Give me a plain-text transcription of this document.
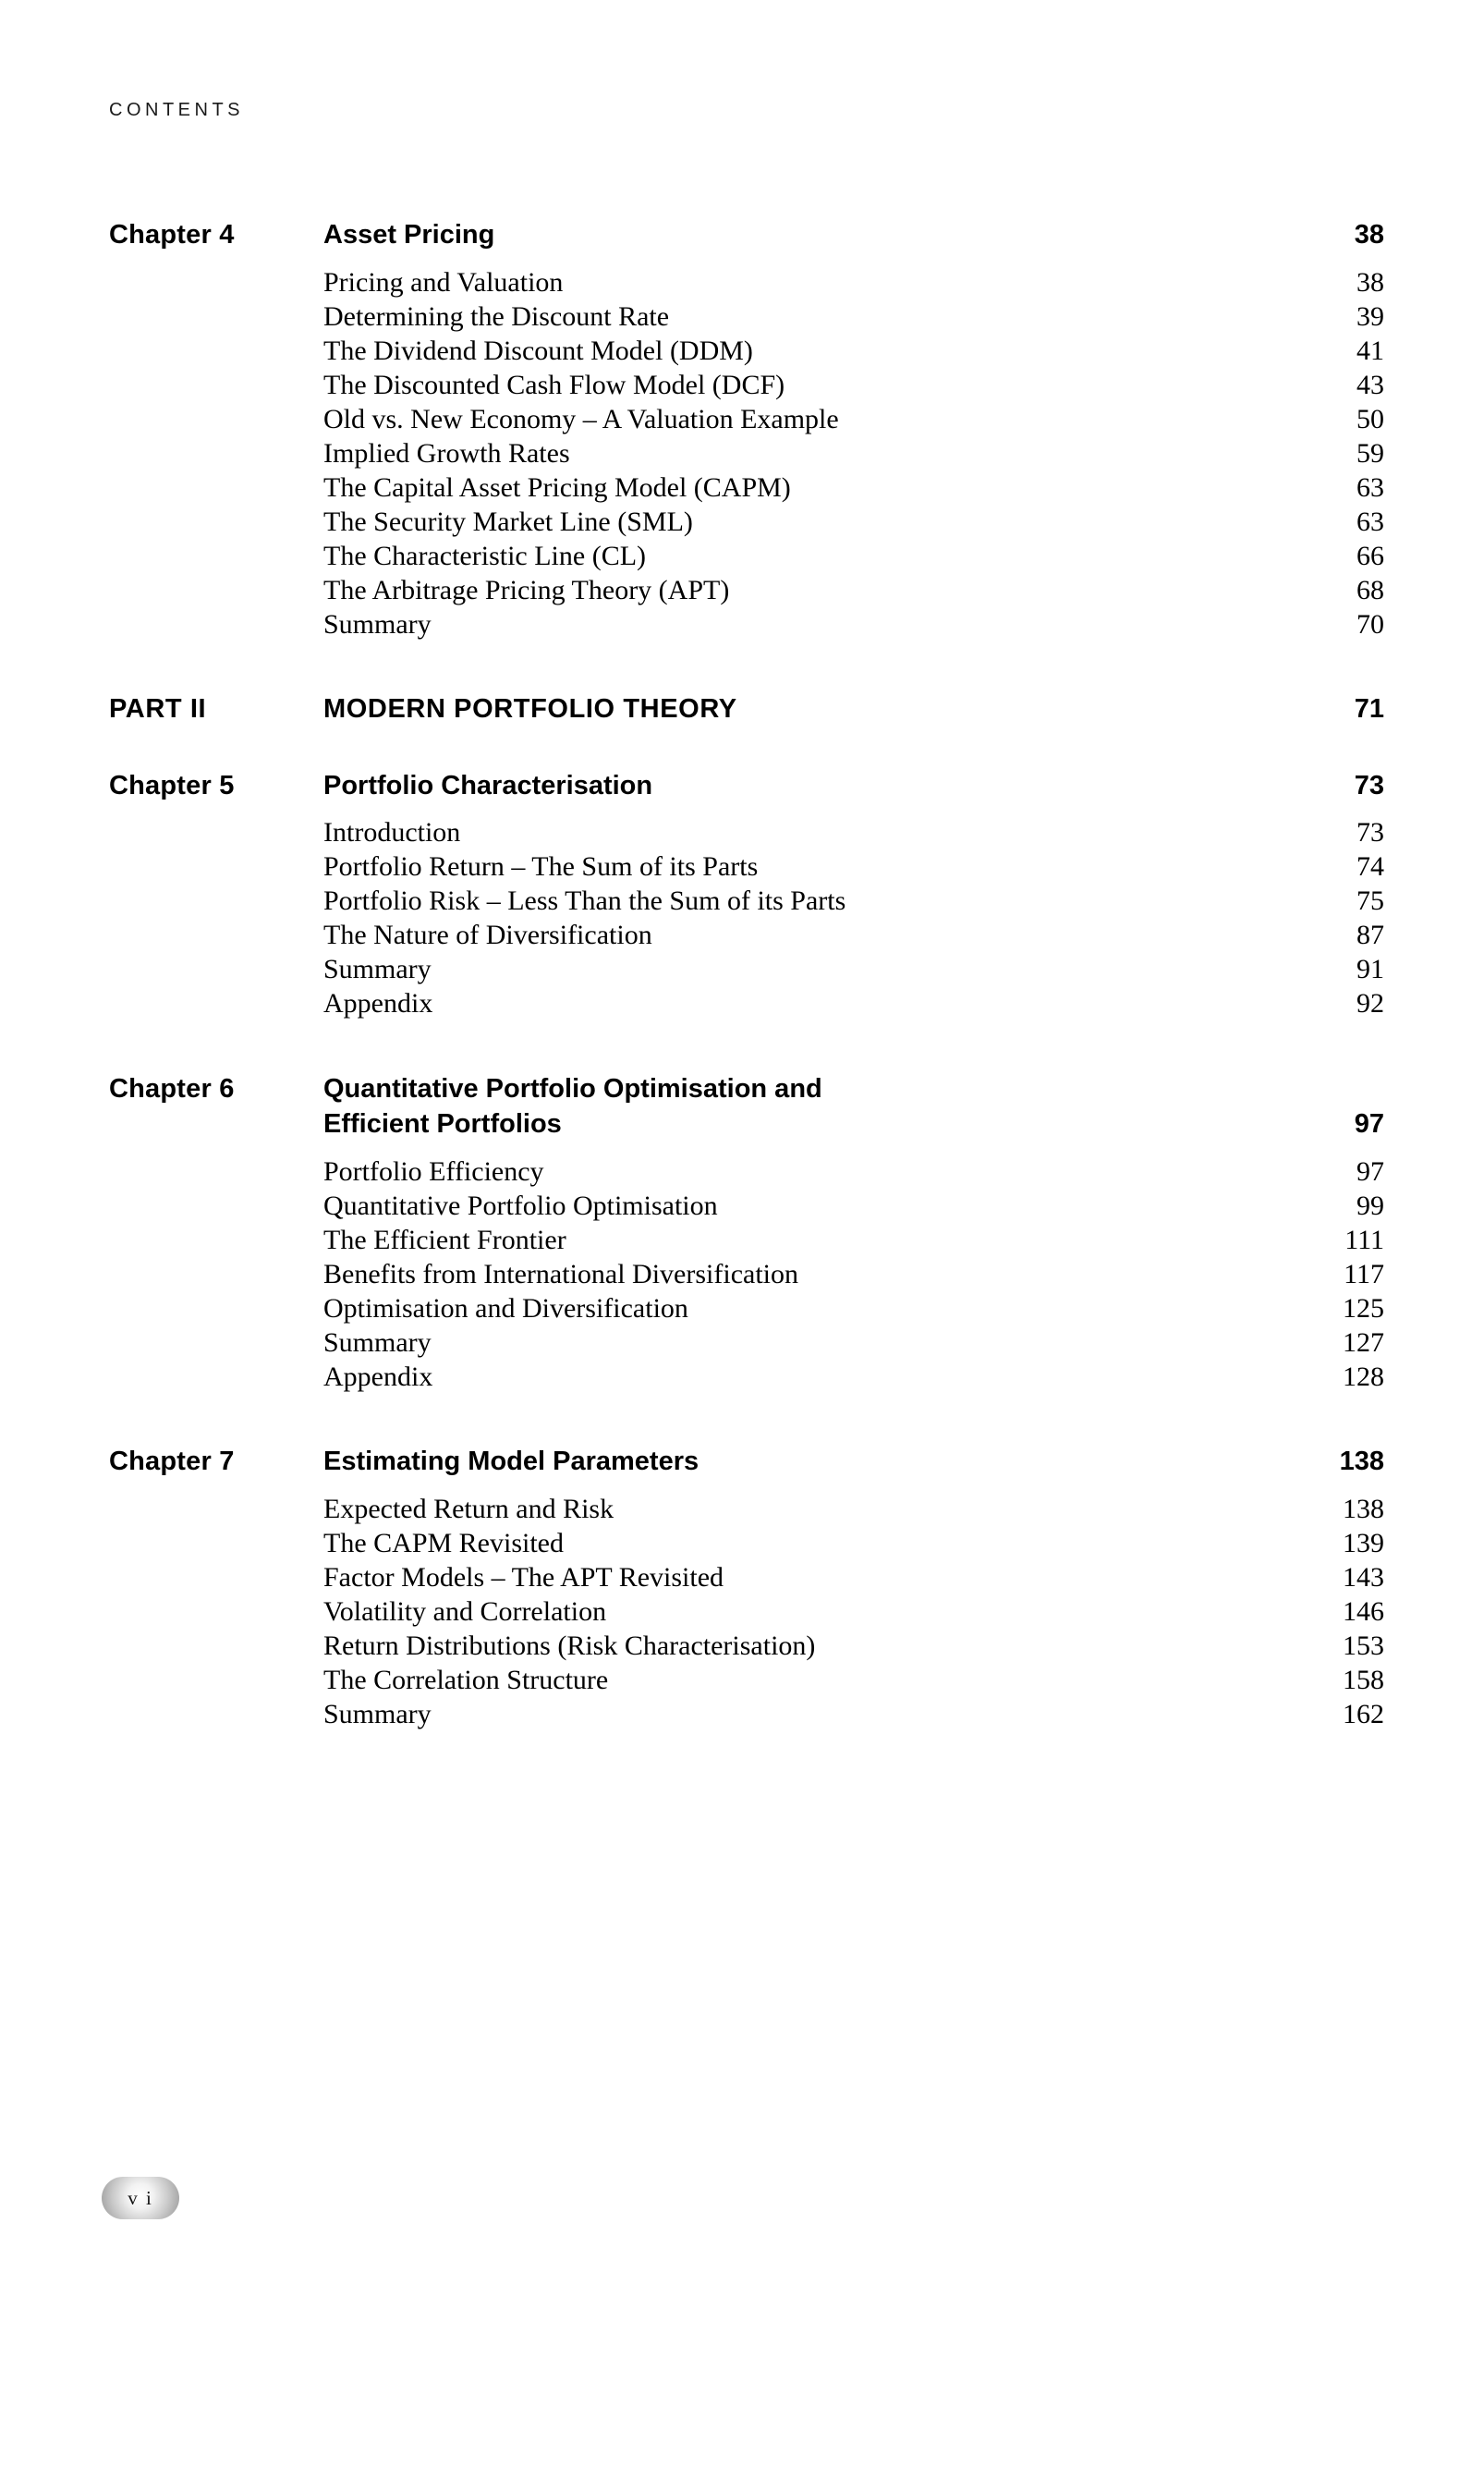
CONTENTS
Chapter 4	Asset Pricing	38
Pricing and Valuation	38
Determining the Discount Rate	39
The Dividend Discount Model (DDM)	41
The Discounted Cash Flow Model (DCF)	43
Old vs. New Economy – A Valuation Example	50
Implied Growth Rates	59
The Capital Asset Pricing Model (CAPM)	63
The Security Market Line (SML)	63
The Characteristic Line (CL)	66
The Arbitrage Pricing Theory (APT)	68
Summary	70
PART II	MODERN PORTFOLIO THEORY	71
Chapter 5	Portfolio Characterisation	73
Introduction	73
Portfolio Return – The Sum of its Parts	74
Portfolio Risk – Less Than the Sum of its Parts	75
The Nature of Diversification	87
Summary	91
Appendix	92
Chapter 6	Quantitative Portfolio Optimisation and
Efficient Portfolios	97
Portfolio Efficiency	97
Quantitative Portfolio Optimisation	99
The Efficient Frontier	111
Benefits from International Diversification	117
Optimisation and Diversification	125
Summary	127
Appendix	128
Chapter 7	Estimating Model Parameters	138
Expected Return and Risk	138
The CAPM Revisited	139
Factor Models – The APT Revisited	143
Volatility and Correlation	146
Return Distributions (Risk Characterisation)	153
The Correlation Structure	158
Summary	162
v i
